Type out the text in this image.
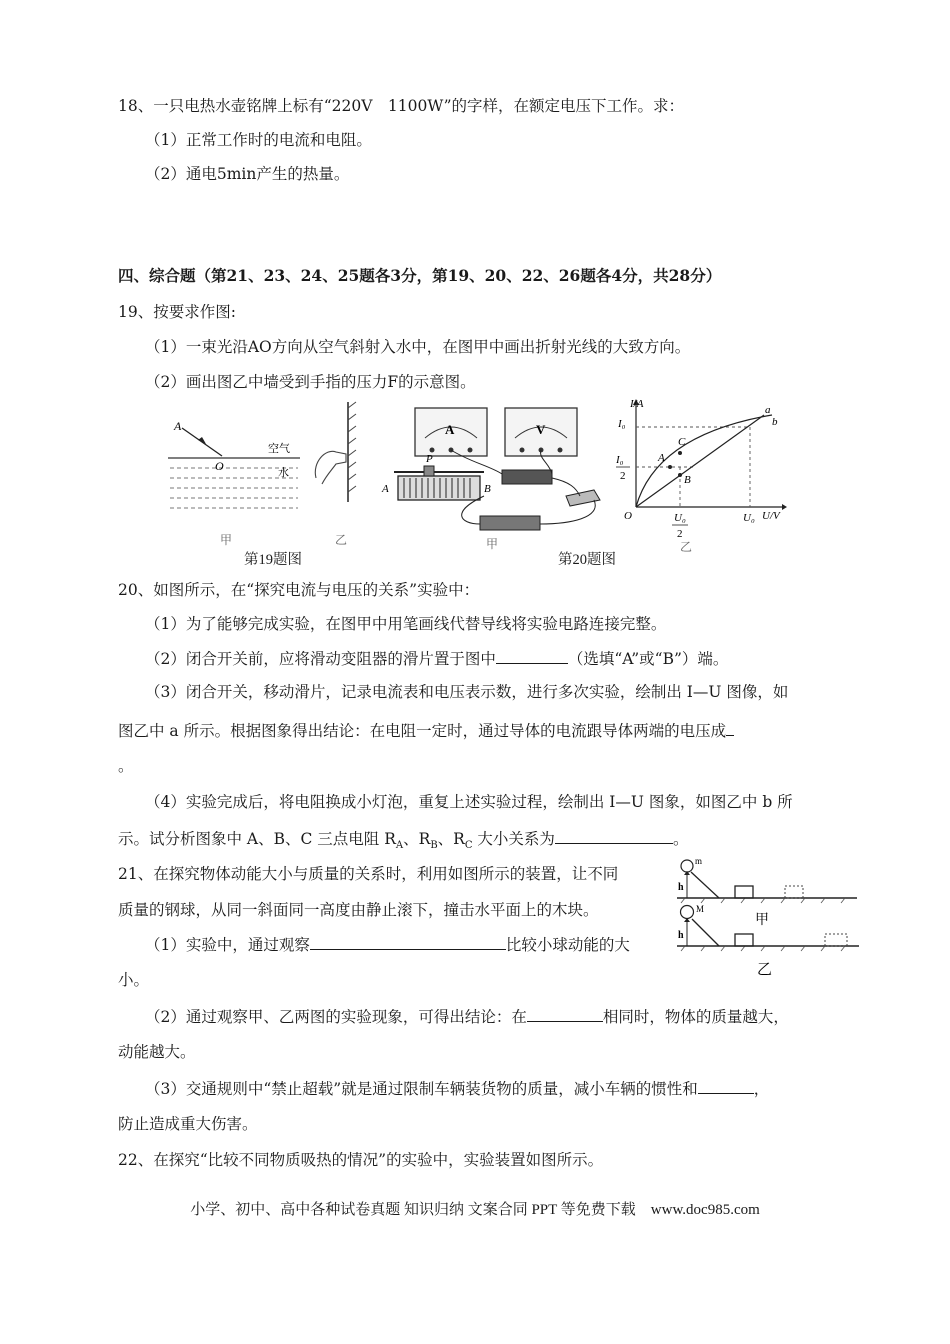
18、一只电热水壶铭牌上标有“220V　1100W”的字样，在额定电压下工作。求：
（1）正常工作时的电流和电阻。
（2）通电5min产生的热量。
四、综合题（第21、23、24、25题各3分，第19、20、22、26题各4分，共28分）
19、按要求作图:
（1）一束光沿AO方向从空气斜射入水中，在图甲中画出折射光线的大致方向。
（2）画出图乙中墙受到手指的压力F的示意图。
A
O
空气
水
甲	乙
第19题图
A	V
P
A	B
甲
I/A
U/V
O
I₀
I₀
2
U₀
2
U₀
a
b
A
B
C
乙
第20题图
20、如图所示，在“探究电流与电压的关系”实验中：
（1）为了能够完成实验，在图甲中用笔画线代替导线将实验电路连接完整。
（2）闭合开关前，应将滑动变阻器的滑片置于图中	（选填“A”或“B”）端。
（3）闭合开关，移动滑片，记录电流表和电压表示数，进行多次实验，绘制出 I—U 图像，如
图乙中 a 所示。根据图象得出结论：在电阻一定时，通过导体的电流跟导体两端的电压成
。
（4）实验完成后，将电阻换成小灯泡，重复上述实验过程，绘制出 I—U 图象，如图乙中 b 所
示。试分析图象中 A、B、C 三点电阻 $R_A$、$R_B$、$R_C$ 大小关系为	。
21、在探究物体动能大小与质量的关系时，利用如图所示的装置，让不同
质量的钢球，从同一斜面同一高度由静止滚下，撞击水平面上的木块。
（1）实验中，通过观察	比较小球动能的大
小。
（2）通过观察甲、乙两图的实验现象，可得出结论：在	相同时，物体的质量越大，
动能越大。
（3）交通规则中“禁止超载”就是通过限制车辆装货物的质量，减小车辆的惯性和	，
防止造成重大伤害。
m
h
甲
M
h
乙
22、在探究“比较不同物质吸热的情况”的实验中，实验装置如图所示。
小学、初中、高中各种试卷真题 知识归纳 文案合同 PPT 等免费下载　www.doc985.com
